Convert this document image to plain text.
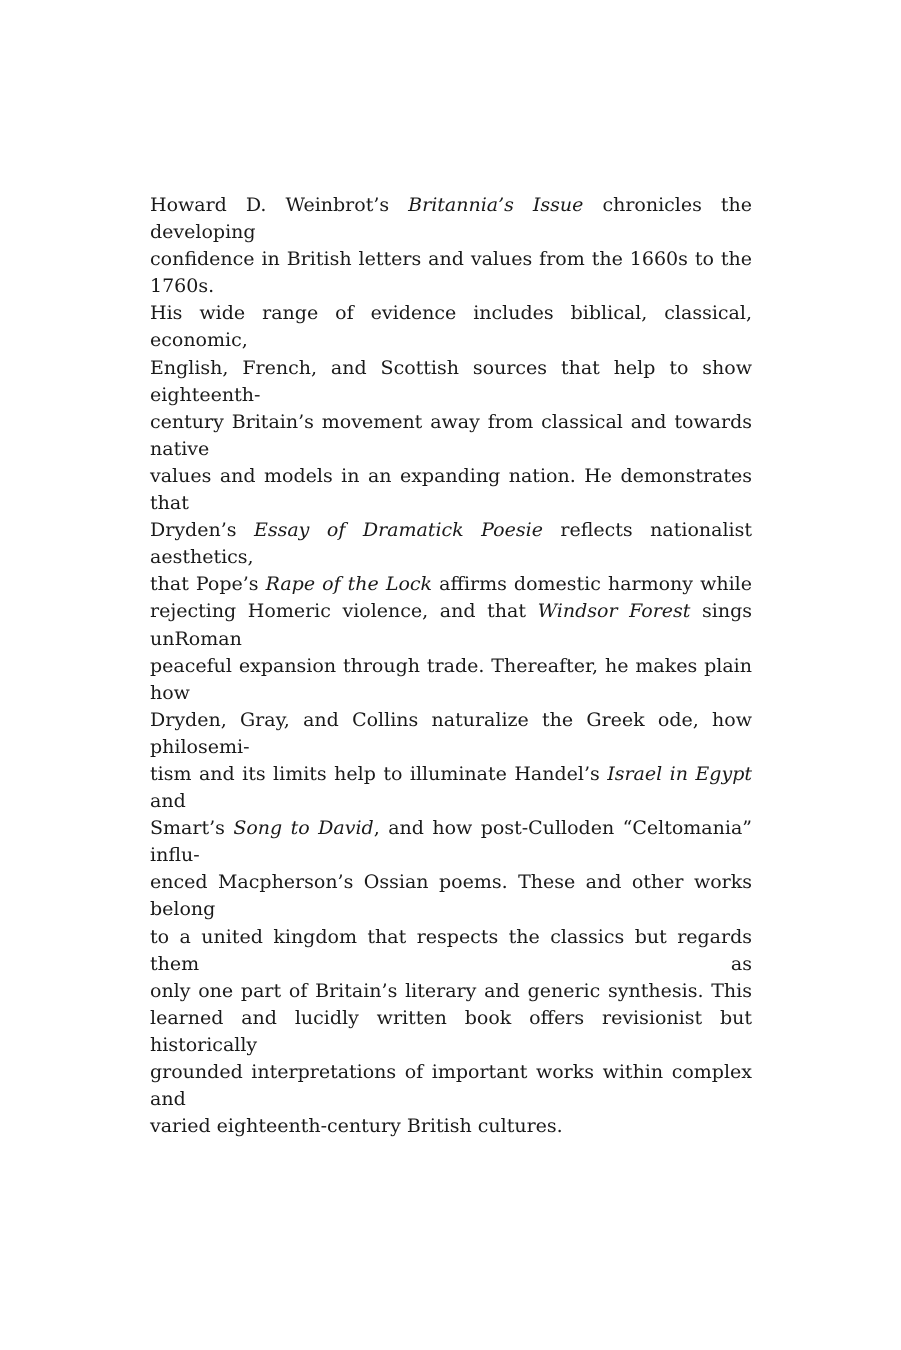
Howard D. Weinbrot’s Britannia’s Issue chronicles the developing
confidence in British letters and values from the 1660s to the 1760s.
His wide range of evidence includes biblical, classical, economic,
English, French, and Scottish sources that help to show eighteenth-
century Britain’s movement away from classical and towards native
values and models in an expanding nation. He demonstrates that
Dryden’s Essay of Dramatick Poesie reflects nationalist aesthetics,
that Pope’s Rape of the Lock affirms domestic harmony while
rejecting Homeric violence, and that Windsor Forest sings unRoman
peaceful expansion through trade. Thereafter, he makes plain how
Dryden, Gray, and Collins naturalize the Greek ode, how philosemi-
tism and its limits help to illuminate Handel’s Israel in Egypt and
Smart’s Song to David, and how post-Culloden “Celtomania” influ-
enced Macpherson’s Ossian poems. These and other works belong
to a united kingdom that respects the classics but regards them as
only one part of Britain’s literary and generic synthesis. This
learned and lucidly written book offers revisionist but historically
grounded interpretations of important works within complex and
varied eighteenth-century British cultures.
